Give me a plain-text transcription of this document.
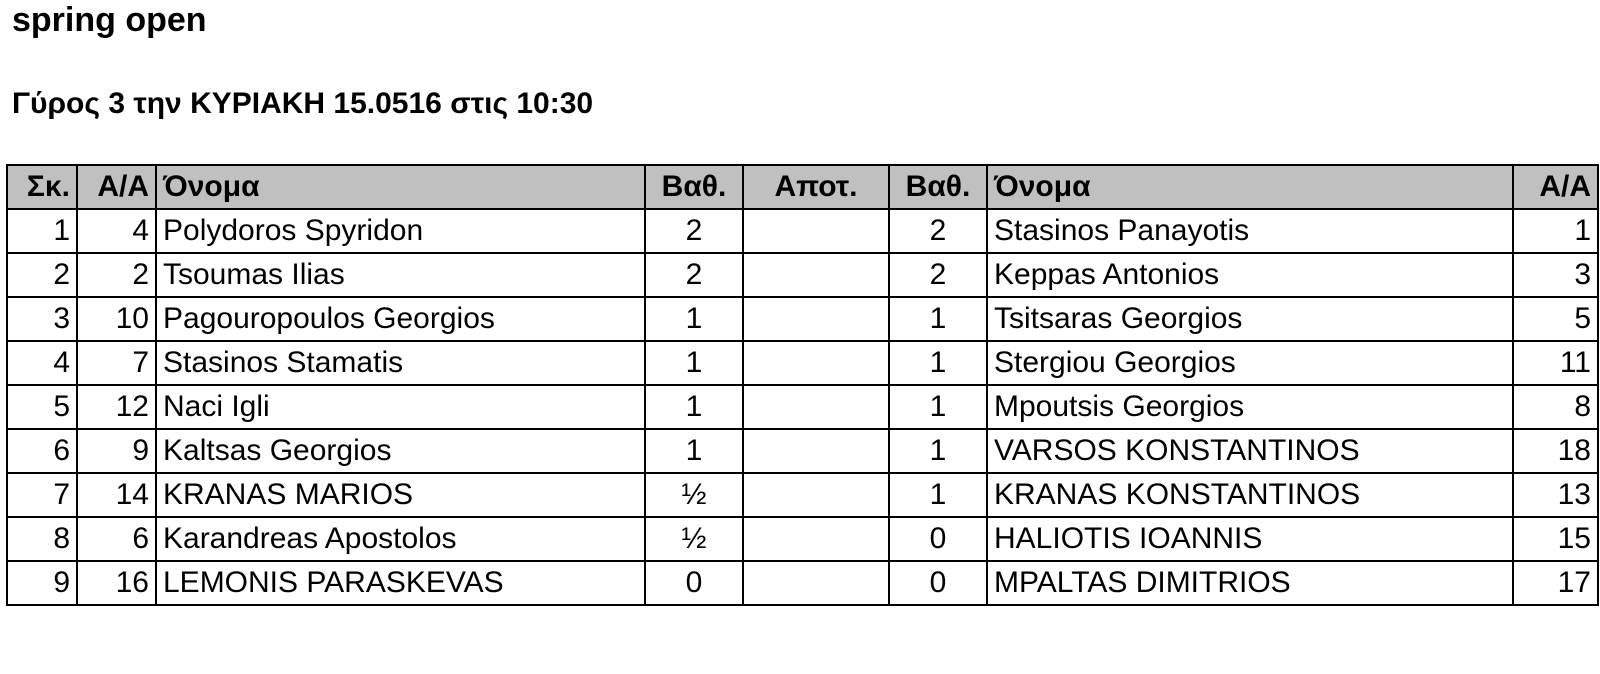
spring open
Γύρος 3 την ΚΥΡΙΑΚΗ 15.0516 στις 10:30
Σκ.	Α/Α	Όνομα	Βαθ.	Αποτ.	Βαθ.	Όνομα	Α/Α
1	4	Polydoros Spyridon	2		2	Stasinos Panayotis	1
2	2	Tsoumas Ilias	2		2	Keppas Antonios	3
3	10	Pagouropoulos Georgios	1		1	Tsitsaras Georgios	5
4	7	Stasinos Stamatis	1		1	Stergiou Georgios	11
5	12	Naci Igli	1		1	Mpoutsis Georgios	8
6	9	Kaltsas Georgios	1		1	VARSOS KONSTANTINOS	18
7	14	KRANAS MARIOS	½		1	KRANAS KONSTANTINOS	13
8	6	Karandreas Apostolos	½		0	HALIOTIS IOANNIS	15
9	16	LEMONIS PARASKEVAS	0		0	MPALTAS DIMITRIOS	17
